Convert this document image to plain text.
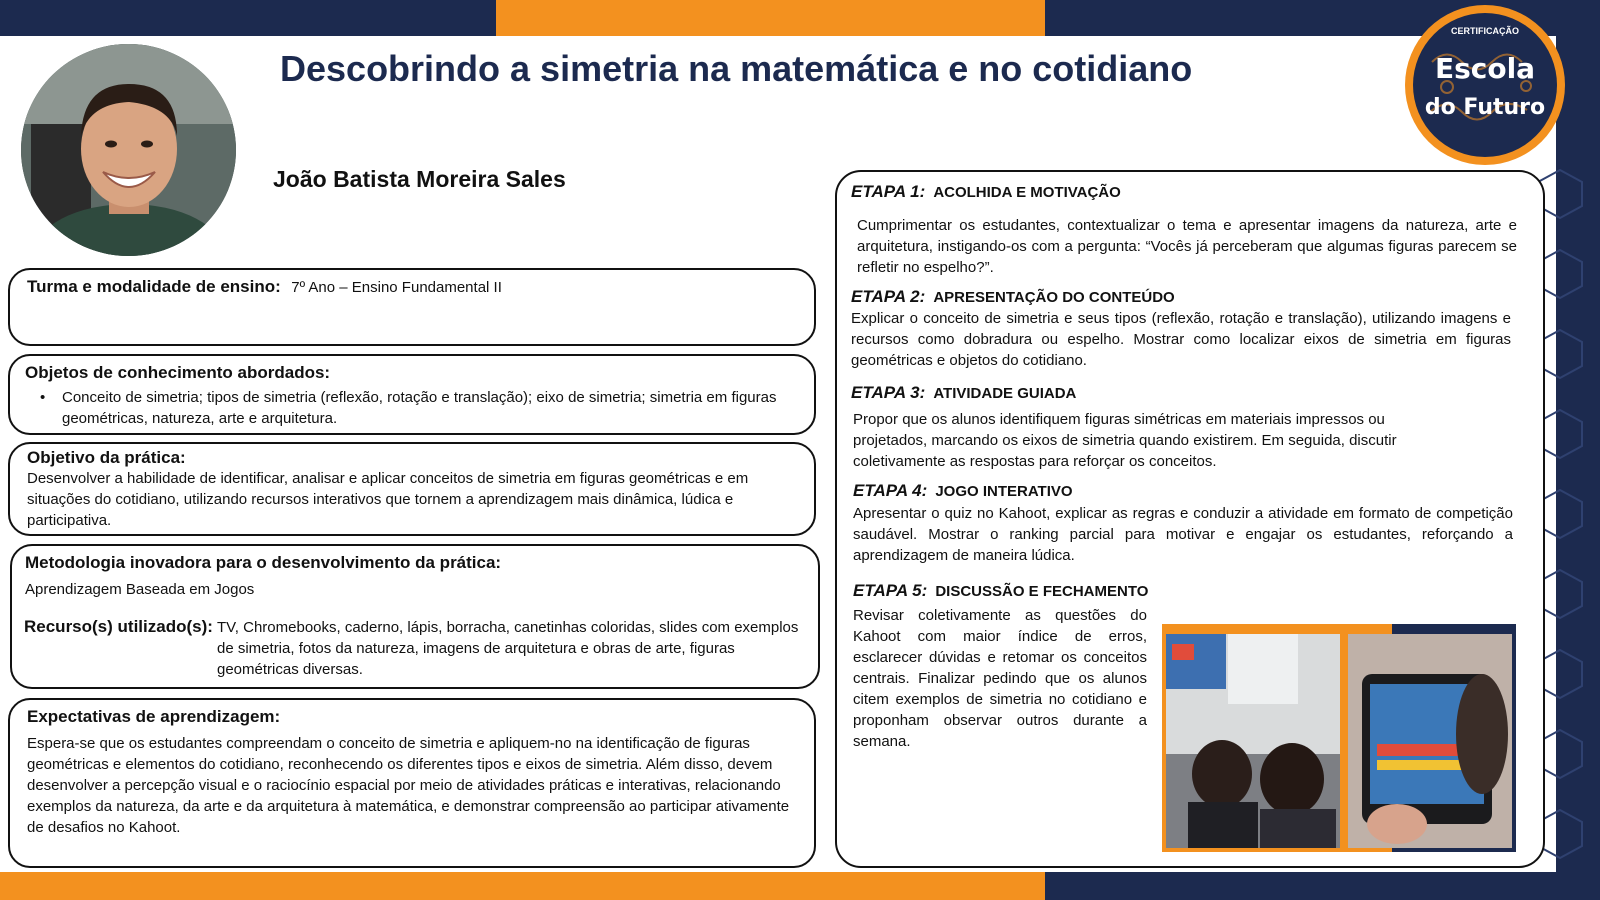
Descobrindo a simetria na matemática e no cotidiano
João Batista Moreira Sales
CERTIFICAÇÃO
Escola
do Futuro
Turma e modalidade de ensino: 7º Ano – Ensino Fundamental II
Objetos de conhecimento abordados:
•	Conceito de simetria; tipos de simetria (reflexão, rotação e translação); eixo de simetria; simetria em figuras geométricas, natureza, arte e arquitetura.
Objetivo da prática:
Desenvolver a habilidade de identificar, analisar e aplicar conceitos de simetria em figuras geométricas e em situações do cotidiano, utilizando recursos interativos que tornem a aprendizagem mais dinâmica, lúdica e participativa.
Metodologia inovadora para o desenvolvimento da prática:
Aprendizagem Baseada em Jogos
Recurso(s) utilizado(s): TV, Chromebooks, caderno, lápis, borracha, canetinhas coloridas, slides com exemplos de simetria, fotos da natureza, imagens de arquitetura e obras de arte, figuras geométricas diversas.
Expectativas de aprendizagem:
Espera-se que os estudantes compreendam o conceito de simetria e apliquem-no na identificação de figuras geométricas e elementos do cotidiano, reconhecendo os diferentes tipos e eixos de simetria. Além disso, devem desenvolver a percepção visual e o raciocínio espacial por meio de atividades práticas e interativas, relacionando exemplos da natureza, da arte e da arquitetura à matemática, e demonstrar compreensão ao participar ativamente de desafios no Kahoot.
ETAPA 1: ACOLHIDA E MOTIVAÇÃO
Cumprimentar os estudantes, contextualizar o tema e apresentar imagens da natureza, arte e arquitetura, instigando-os com a pergunta: “Vocês já perceberam que algumas figuras parecem se refletir no espelho?”.
ETAPA 2: APRESENTAÇÃO DO CONTEÚDO
Explicar o conceito de simetria e seus tipos (reflexão, rotação e translação), utilizando imagens e recursos como dobradura ou espelho. Mostrar como localizar eixos de simetria em figuras geométricas e objetos do cotidiano.
ETAPA 3: ATIVIDADE GUIADA
Propor que os alunos identifiquem figuras simétricas em materiais impressos ou projetados, marcando os eixos de simetria quando existirem. Em seguida, discutir coletivamente as respostas para reforçar os conceitos.
ETAPA 4: JOGO INTERATIVO
Apresentar o quiz no Kahoot, explicar as regras e conduzir a atividade em formato de competição saudável. Mostrar o ranking parcial para motivar e engajar os estudantes, reforçando a aprendizagem de maneira lúdica.
ETAPA 5: DISCUSSÃO E FECHAMENTO
Revisar coletivamente as questões do Kahoot com maior índice de erros, esclarecer dúvidas e retomar os conceitos centrais. Finalizar pedindo que os alunos citem exemplos de simetria no cotidiano e proponham observar outros durante a semana.
